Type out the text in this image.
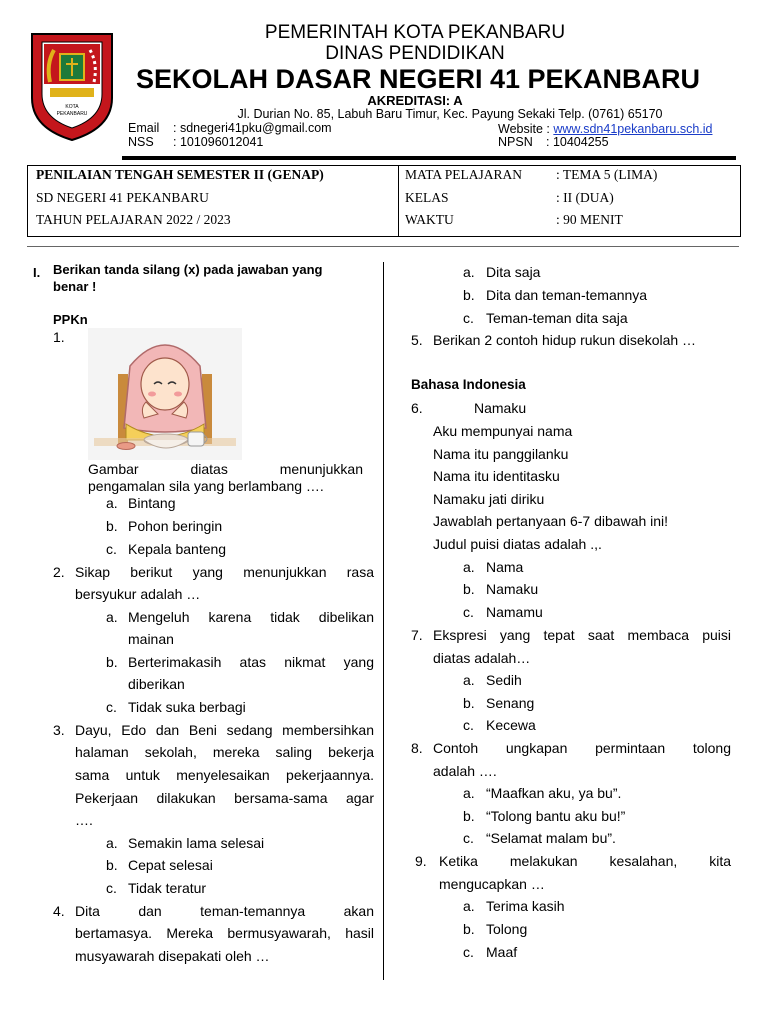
KOTA
PEKANBARU
PEMERINTAH KOTA PEKANBARU
DINAS PENDIDIKAN
SEKOLAH DASAR NEGERI 41 PEKANBARU
AKREDITASI: A
Jl. Durian No. 85, Labuh Baru Timur, Kec. Payung Sekaki Telp. (0761) 65170
Email : sdnegeri41pku@gmail.com
NSS : 101096012041
Website : www.sdn41pekanbaru.sch.id
NPSN : 10404255
PENILAIAN TENGAH SEMESTER II (GENAP)
SD NEGERI 41 PEKANBARU
TAHUN PELAJARAN 2022 / 2023
MATA PELAJARAN
KELAS
WAKTU
: TEMA 5 (LIMA)
: II (DUA)
: 90 MENIT
I. Berikan tanda silang (x) pada jawaban yang
benar !
PPKn
1.
Gambar diatas menunjukkan
pengamalan sila yang berlambang ….
a. Bintang
b. Pohon beringin
c. Kepala banteng
2. Sikap berikut yang menunjukkan rasa
bersyukur adalah …
a. Mengeluh karena tidak dibelikan
mainan
b. Berterimakasih atas nikmat yang
diberikan
c. Tidak suka berbagi
3. Dayu, Edo dan Beni sedang membersihkan
halaman sekolah, mereka saling bekerja
sama untuk menyelesaikan pekerjaannya.
Pekerjaan dilakukan bersama-sama agar
….
a. Semakin lama selesai
b. Cepat selesai
c. Tidak teratur
4. Dita dan teman-temannya akan
bertamasya. Mereka bermusyawarah, hasil
musyawarah disepakati oleh …
a. Dita saja
b. Dita dan teman-temannya
c. Teman-teman dita saja
5. Berikan 2 contoh hidup rukun disekolah …
Bahasa Indonesia
6.	Namaku
Aku mempunyai nama
Nama itu panggilanku
Nama itu identitasku
Namaku jati diriku
Jawablah pertanyaan 6-7 dibawah ini!
Judul puisi diatas adalah .,.
a. Nama
b. Namaku
c. Namamu
7. Ekspresi yang tepat saat membaca puisi
diatas adalah…
a. Sedih
b. Senang
c. Kecewa
8. Contoh ungkapan permintaan tolong
adalah ….
a. “Maafkan aku, ya bu”.
b. “Tolong bantu aku bu!”
c. “Selamat malam bu”.
9. Ketika melakukan kesalahan, kita
mengucapkan …
a. Terima kasih
b. Tolong
c. Maaf
